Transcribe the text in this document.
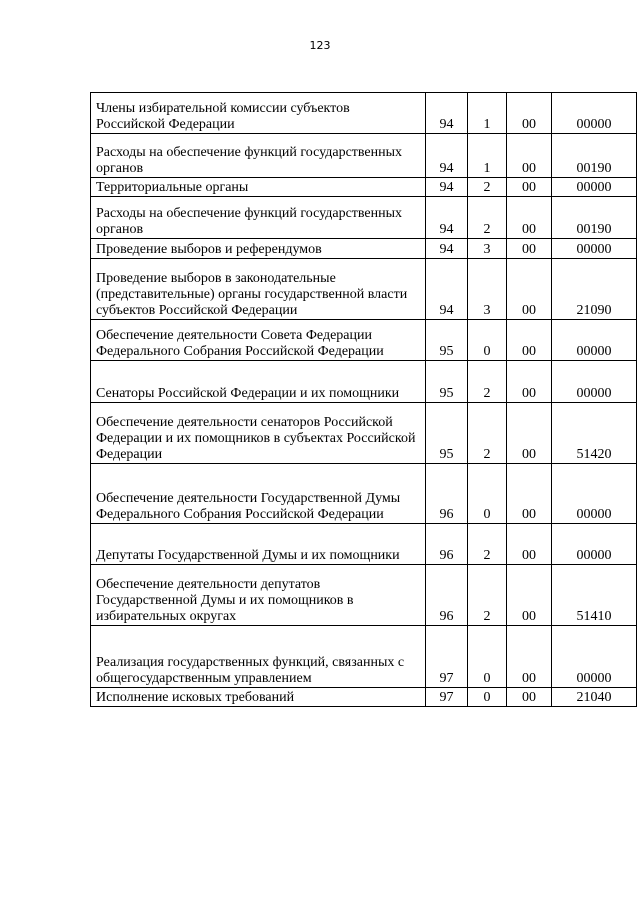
123
Члены избирательной комиссии субъектов Российской Федерации	94	1	00	00000
Расходы на обеспечение функций государственных органов	94	1	00	00190
Территориальные органы	94	2	00	00000
Расходы на обеспечение функций государственных органов	94	2	00	00190
Проведение выборов и референдумов	94	3	00	00000
Проведение выборов в законодательные (представительные) органы государственной власти субъектов Российской Федерации	94	3	00	21090
Обеспечение деятельности Совета Федерации Федерального Собрания Российской Федерации	95	0	00	00000
Сенаторы Российской Федерации и их помощники	95	2	00	00000
Обеспечение деятельности сенаторов Российской Федерации и их помощников в субъектах Российской Федерации	95	2	00	51420
Обеспечение деятельности Государственной Думы Федерального Собрания Российской Федерации	96	0	00	00000
Депутаты Государственной Думы и их помощники	96	2	00	00000
Обеспечение деятельности депутатов Государственной Думы и их помощников в избирательных округах	96	2	00	51410
Реализация государственных функций, связанных с общегосударственным управлением	97	0	00	00000
Исполнение исковых требований	97	0	00	21040
